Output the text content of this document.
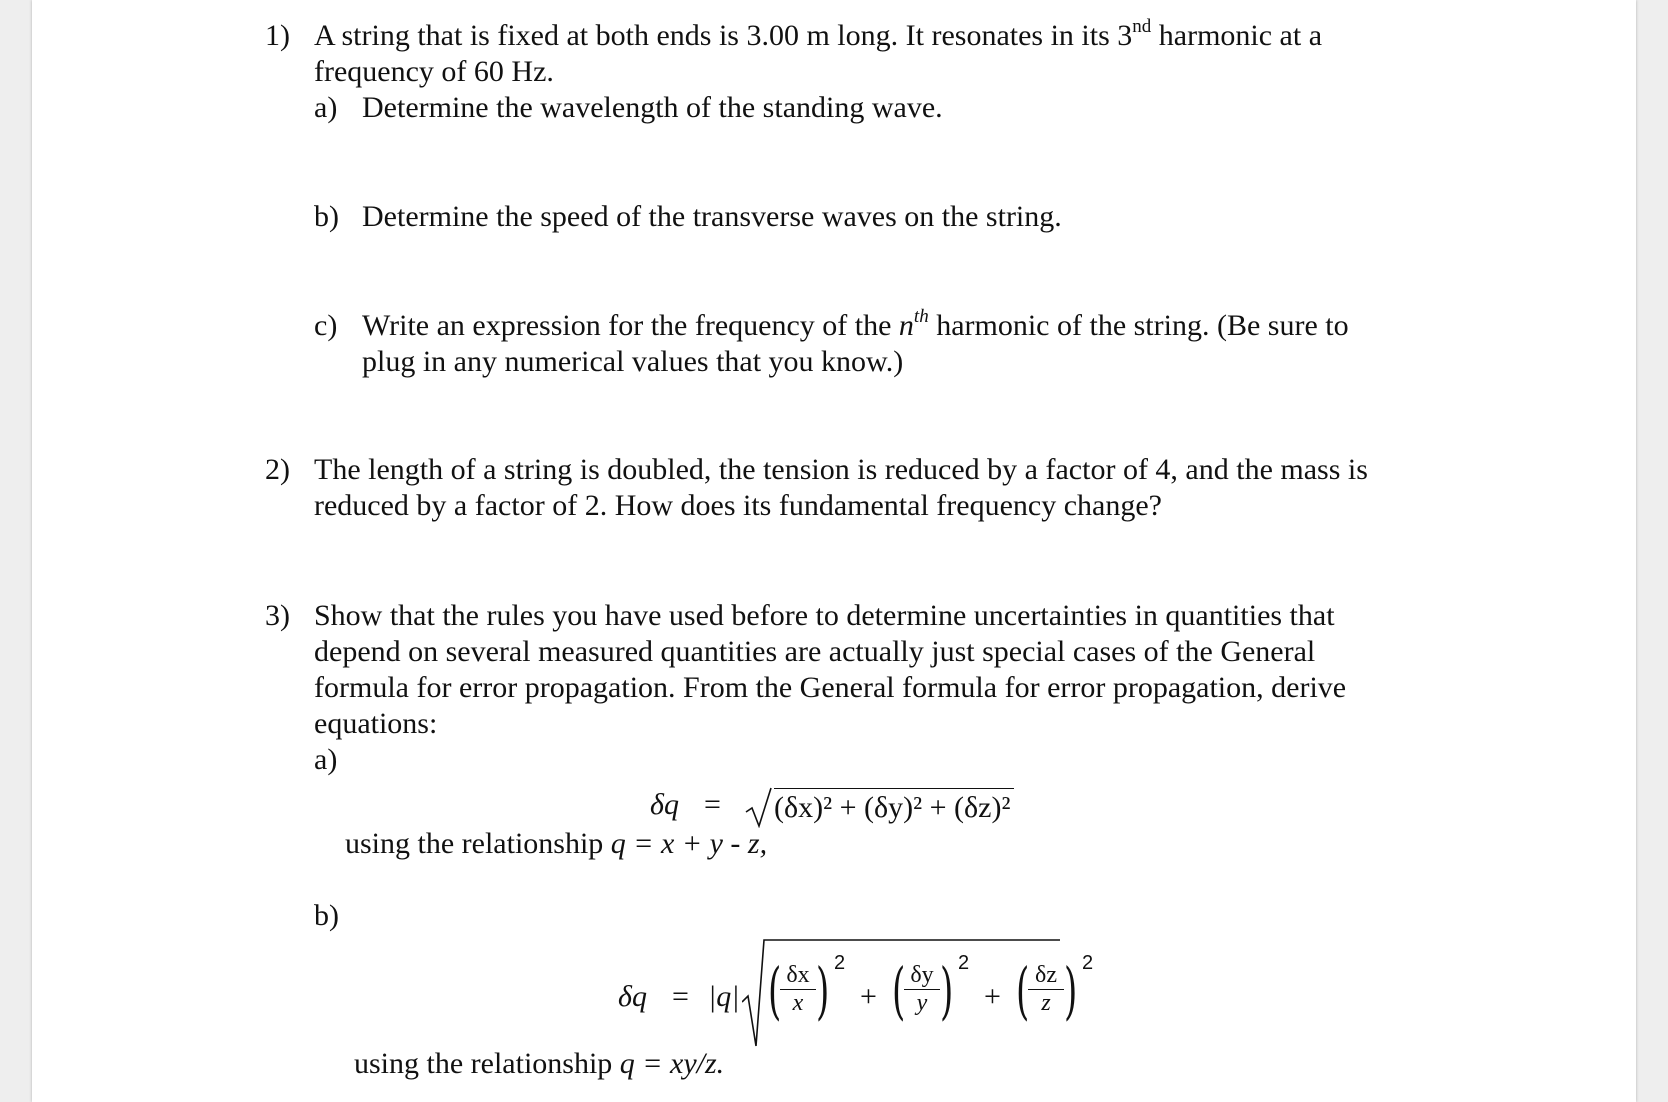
1) A string that is fixed at both ends is 3.00 m long. It resonates in its 3nd harmonic at a
frequency of 60 Hz.
a) Determine the wavelength of the standing wave.
b) Determine the speed of the transverse waves on the string.
c) Write an expression for the frequency of the $n^{th}$ harmonic of the string. (Be sure to
plug in any numerical values that you know.)
2) The length of a string is doubled, the tension is reduced by a factor of 4, and the mass is
reduced by a factor of 2. How does its fundamental frequency change?
3) Show that the rules you have used before to determine uncertainties in quantities that
depend on several measured quantities are actually just special cases of the General
formula for error propagation. From the General formula for error propagation, derive
equations:
a)
δq = (δx)² + (δy)² + (δz)²
using the relationship q = x + y - z,
b)
δq = |q| (
$\frac{\delta x}{x}$ ) 2
+ (
$\frac{\delta y}{y}$ ) 2
+ (
$\frac{\delta z}{z}$ ) 2
using the relationship q = xy/z.
